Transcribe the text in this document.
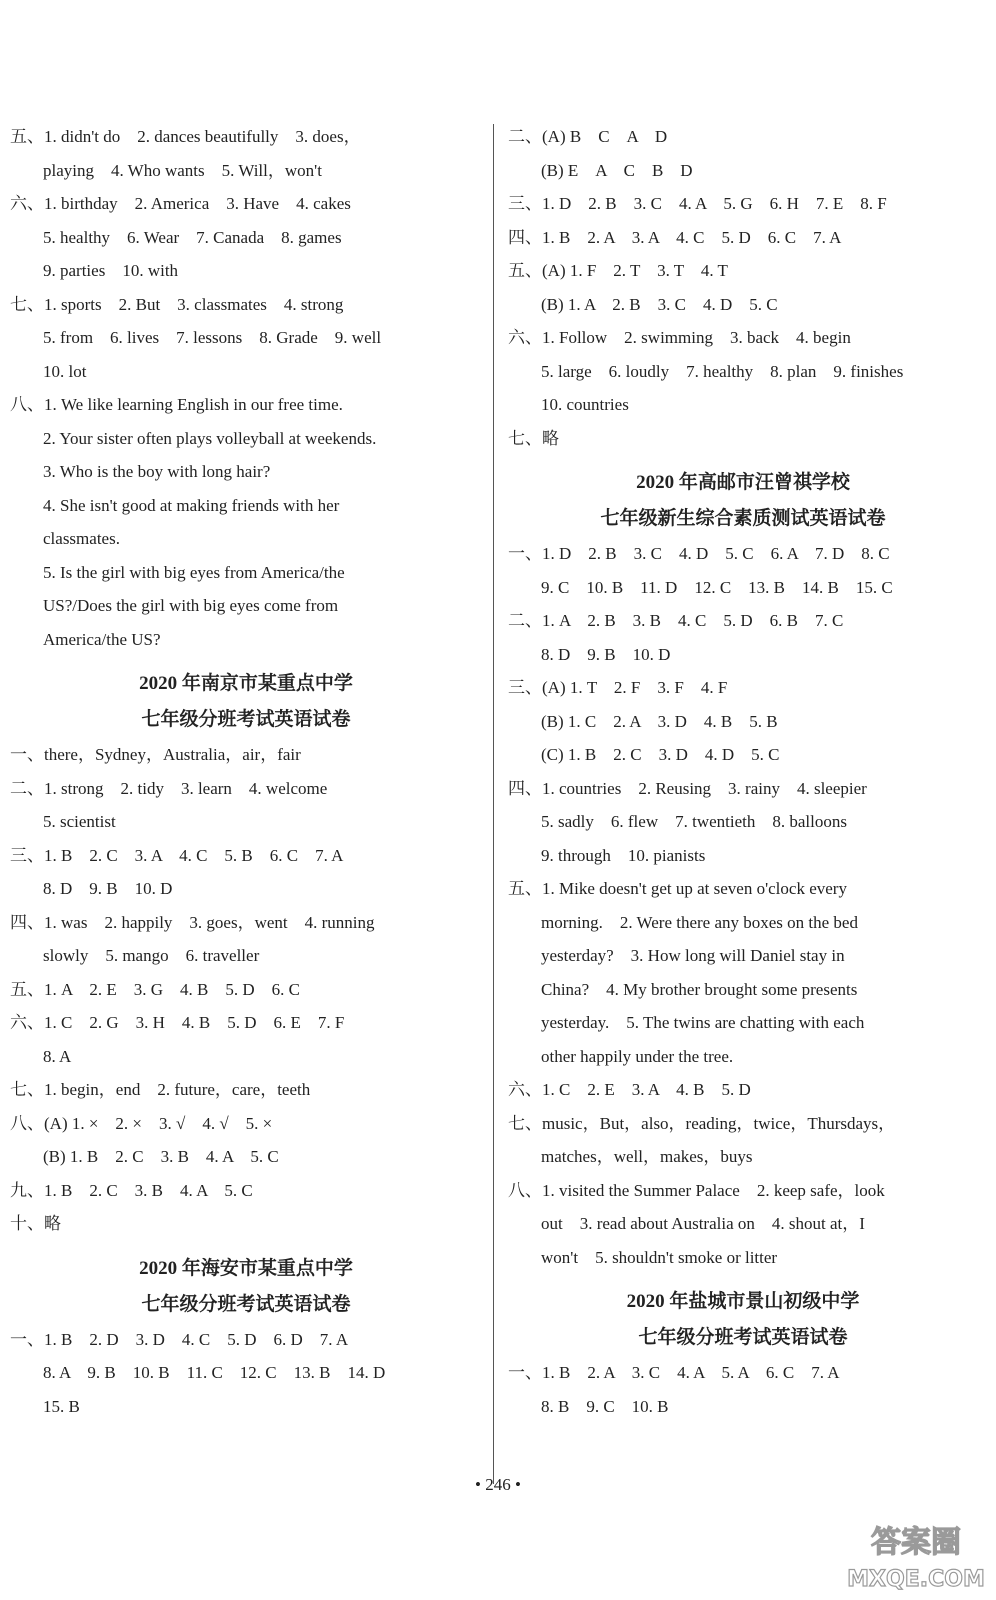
五、1. didn't do　2. dances beautifully　3. does，
playing　4. Who wants　5. Will，won't
六、1. birthday　2. America　3. Have　4. cakes
5. healthy　6. Wear　7. Canada　8. games
9. parties　10. with
七、1. sports　2. But　3. classmates　4. strong
5. from　6. lives　7. lessons　8. Grade　9. well
10. lot
八、1. We like learning English in our free time.
2. Your sister often plays volleyball at weekends.
3. Who is the boy with long hair?
4. She isn't good at making friends with her
classmates.
5. Is the girl with big eyes from America/the
US?/Does the girl with big eyes come from
America/the US?
2020 年南京市某重点中学
七年级分班考试英语试卷
一、there，Sydney，Australia，air，fair
二、1. strong　2. tidy　3. learn　4. welcome
5. scientist
三、1. B　2. C　3. A　4. C　5. B　6. C　7. A
8. D　9. B　10. D
四、1. was　2. happily　3. goes，went　4. running
slowly　5. mango　6. traveller
五、1. A　2. E　3. G　4. B　5. D　6. C
六、1. C　2. G　3. H　4. B　5. D　6. E　7. F
8. A
七、1. begin，end　2. future，care，teeth
八、(A) 1. ×　2. ×　3. √　4. √　5. ×
(B) 1. B　2. C　3. B　4. A　5. C
九、1. B　2. C　3. B　4. A　5. C
十、略
2020 年海安市某重点中学
七年级分班考试英语试卷
一、1. B　2. D　3. D　4. C　5. D　6. D　7. A
8. A　9. B　10. B　11. C　12. C　13. B　14. D
15. B
二、(A) B　C　A　D
(B) E　A　C　B　D
三、1. D　2. B　3. C　4. A　5. G　6. H　7. E　8. F
四、1. B　2. A　3. A　4. C　5. D　6. C　7. A
五、(A) 1. F　2. T　3. T　4. T
(B) 1. A　2. B　3. C　4. D　5. C
六、1. Follow　2. swimming　3. back　4. begin
5. large　6. loudly　7. healthy　8. plan　9. finishes
10. countries
七、略
2020 年高邮市汪曾祺学校
七年级新生综合素质测试英语试卷
一、1. D　2. B　3. C　4. D　5. C　6. A　7. D　8. C
9. C　10. B　11. D　12. C　13. B　14. B　15. C
二、1. A　2. B　3. B　4. C　5. D　6. B　7. C
8. D　9. B　10. D
三、(A) 1. T　2. F　3. F　4. F
(B) 1. C　2. A　3. D　4. B　5. B
(C) 1. B　2. C　3. D　4. D　5. C
四、1. countries　2. Reusing　3. rainy　4. sleepier
5. sadly　6. flew　7. twentieth　8. balloons
9. through　10. pianists
五、1. Mike doesn't get up at seven o'clock every
morning.　2. Were there any boxes on the bed
yesterday?　3. How long will Daniel stay in
China?　4. My brother brought some presents
yesterday.　5. The twins are chatting with each
other happily under the tree.
六、1. C　2. E　3. A　4. B　5. D
七、music，But，also，reading，twice，Thursdays，
matches，well，makes，buys
八、1. visited the Summer Palace　2. keep safe，look
out　3. read about Australia on　4. shout at，I
won't　5. shouldn't smoke or litter
2020 年盐城市景山初级中学
七年级分班考试英语试卷
一、1. B　2. A　3. C　4. A　5. A　6. C　7. A
8. B　9. C　10. B
• 246 •
答案圈
MXQE.COM
